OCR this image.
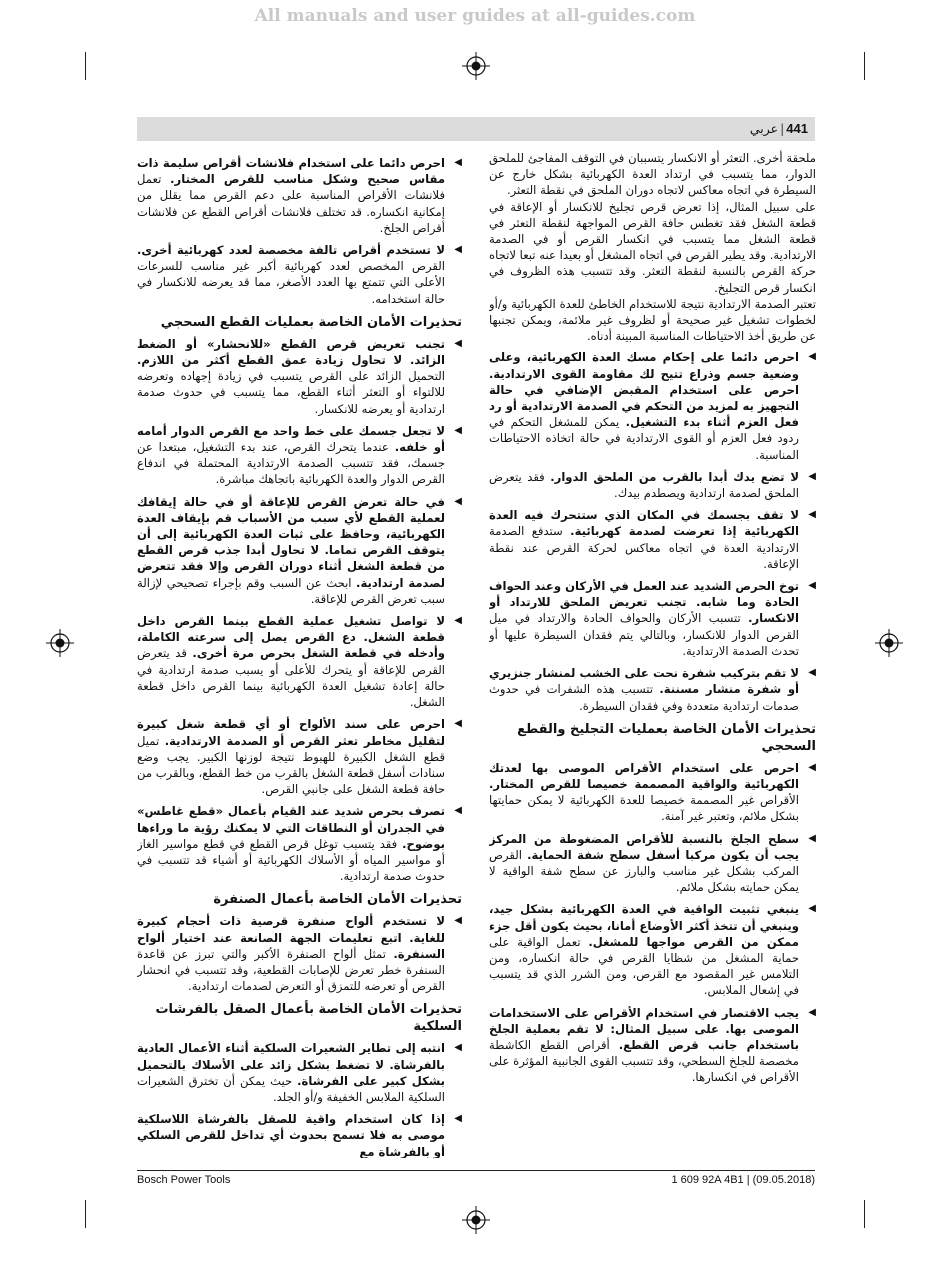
All manuals and user guides at all-guides.com
441|عربي

ملحقة أخرى. التعثر أو الانكسار يتسببان في التوقف المفاجئ للملحق الدوار، مما يتسبب في ارتداد العدة الكهربائية بشكل خارج عن السيطرة في اتجاه معاكس لاتجاه دوران الملحق في نقطة التعثر.

على سبيل المثال، إذا تعرض قرص تجليخ للانكسار أو الإعاقة في قطعة الشغل فقد تغطس حافة القرص المواجهة لنقطة التعثر في قطعة الشغل مما يتسبب في انكسار القرص أو في الصدمة الارتدادية. وقد يطير القرص في اتجاه المشغل أو بعيدا عنه تبعا لاتجاه حركة القرص بالنسبة لنقطة التعثر. وقد تتسبب هذه الظروف في انكسار قرص التجليخ.

تعتبر الصدمة الارتدادية نتيجة للاستخدام الخاطئ للعدة الكهربائية و/أو لخطوات تشغيل غير صحيحة أو لظروف غير ملائمة، ويمكن تجنبها عن طريق أخذ الاحتياطات المناسبة المبينة أدناه.

◀
احرص دائما على إحكام مسك العدة الكهربائية، وعلى وضعية جسم وذراع تتيح لك مقاومة القوى الارتدادية. احرص على استخدام المقبض الإضافي في حالة التجهيز به لمزيد من التحكم في الصدمة الارتدادية أو رد فعل العزم أثناء بدء التشغيل. يمكن للمشغل التحكم في ردود فعل العزم أو القوى الارتدادية في حالة اتخاذه الاحتياطات المناسبة.
◀
لا تضع يدك أبدا بالقرب من الملحق الدوار. فقد يتعرض الملحق لصدمة ارتدادية ويصطدم بيدك.
◀
لا تقف بجسمك في المكان الذي ستتحرك فيه العدة الكهربائية إذا تعرضت لصدمة كهربائية. ستدفع الصدمة الارتدادية العدة في اتجاه معاكس لحركة القرص عند نقطة الإعاقة.
◀
توخ الحرص الشديد عند العمل في الأركان وعند الحواف الحادة وما شابه. تجنب تعريض الملحق للارتداد أو الانكسار. تتسبب الأركان والحواف الحادة والارتداد في ميل القرص الدوار للانكسار، وبالتالي يتم فقدان السيطرة عليها أو تحدث الصدمة الارتدادية.
◀
لا تقم بتركيب شفرة نحت على الخشب لمنشار جنزيري أو شفرة منشار مسننة. تتسبب هذه الشفرات في حدوث صدمات ارتدادية متعددة وفي فقدان السيطرة.
تحذيرات الأمان الخاصة بعمليات التجليخ والقطع السحجي
◀
احرص على استخدام الأقراص الموصى بها لعدتك الكهربائية والواقية المصممة خصيصا للقرص المختار. الأقراص غير المصممة خصيصا للعدة الكهربائية لا يمكن حمايتها بشكل ملائم، وتعتبر غير آمنة.
◀
سطح الجلخ بالنسبة للأقراص المضغوطة من المركز يجب أن يكون مركبا أسفل سطح شفة الحماية. القرص المركب بشكل غير مناسب والبارز عن سطح شفة الواقية لا يمكن حمايته بشكل ملائم.
◀
ينبغي تثبيت الواقية في العدة الكهربائية بشكل جيد، وينبغي أن تتخذ أكثر الأوضاع أمانا، بحيث يكون أقل جزء ممكن من القرص مواجها للمشغل. تعمل الواقية على حماية المشغل من شظايا القرص في حالة انكساره، ومن التلامس غير المقصود مع القرص، ومن الشرر الذي قد يتسبب في إشعال الملابس.
◀
يجب الاقتصار في استخدام الأقراص على الاستخدامات الموصى بها. على سبيل المثال: لا تقم بعملية الجلخ باستخدام جانب قرص القطع. أقراص القطع الكاشطة مخصصة للجلخ السطحي، وقد تتسبب القوى الجانبية المؤثرة على الأقراص في انكسارها.
◀
احرص دائما على استخدام فلانشات أقراص سليمة ذات مقاس صحيح وشكل مناسب للقرص المختار. تعمل فلانشات الأقراص المناسبة على دعم القرص مما يقلل من إمكانية انكساره. قد تختلف فلانشات أقراص القطع عن فلانشات أقراص الجلخ.
◀
لا تستخدم أقراص تالفة مخصصة لعدد كهربائية أخرى. القرص المخصص لعدد كهربائية أكبر غير مناسب للسرعات الأعلى التي تتمتع بها العدد الأصغر، مما قد يعرضه للانكسار في حالة استخدامه.
تحذيرات الأمان الخاصة بعمليات القطع السحجي
◀
تجنب تعريض قرص القطع «للانحشار» أو الضغط الزائد. لا تحاول زيادة عمق القطع أكثر من اللازم. التحميل الزائد على القرص يتسبب في زيادة إجهاده وتعرضه للالتواء أو التعثر أثناء القطع، مما يتسبب في حدوث صدمة ارتدادية أو يعرضه للانكسار.
◀
لا تجعل جسمك على خط واحد مع القرص الدوار أمامه أو خلفه. عندما يتحرك القرص، عند بدء التشغيل، مبتعدا عن جسمك، فقد تتسبب الصدمة الارتدادية المحتملة في اندفاع القرص الدوار والعدة الكهربائية باتجاهك مباشرة.
◀
في حالة تعرض القرص للإعاقة أو في حالة إيقافك لعملية القطع لأي سبب من الأسباب قم بإيقاف العدة الكهربائية، وحافظ على ثبات العدة الكهربائية إلى أن يتوقف القرص تماما. لا تحاول أبدا جذب قرص القطع من قطعة الشغل أثناء دوران القرص وإلا فقد تتعرض لصدمة ارتدادية. ابحث عن السبب وقم بإجراء تصحيحي لإزالة سبب تعرض القرص للإعاقة.
◀
لا تواصل تشغيل عملية القطع بينما القرص داخل قطعة الشغل. دع القرص يصل إلى سرعته الكاملة، وأدخله في قطعة الشغل بحرص مرة أخرى. قد يتعرض القرص للإعاقة أو يتحرك للأعلى أو يسبب صدمة ارتدادية في حالة إعادة تشغيل العدة الكهربائية بينما القرص داخل قطعة الشغل.
◀
احرص على سند الألواح أو أي قطعة شغل كبيرة لتقليل مخاطر تعثر القرص أو الصدمة الارتدادية. تميل قطع الشغل الكبيرة للهبوط نتيجة لوزنها الكبير. يجب وضع سنادات أسفل قطعة الشغل بالقرب من خط القطع، وبالقرب من حافة قطعة الشغل على جانبي القرص.
◀
تصرف بحرص شديد عند القيام بأعمال «قطع غاطس» في الجدران أو النطاقات التي لا يمكنك رؤية ما وراءها بوضوح. فقد يتسبب توغل قرص القطع في قطع مواسير الغاز أو مواسير المياه أو الأسلاك الكهربائية أو أشياء قد تتسبب في حدوث صدمة ارتدادية.
تحذيرات الأمان الخاصة بأعمال الصنفرة
◀
لا تستخدم ألواح صنفرة قرصية ذات أحجام كبيرة للغاية. اتبع تعليمات الجهة الصانعة عند اختيار ألواح السنفرة. تمثل ألواح الصنفرة الأكبر والتي تبرز عن قاعدة السنفرة خطر تعرض للإصابات القطعية، وقد تتسبب في انحشار القرص أو تعرضه للتمزق أو التعرض لصدمات ارتدادية.
تحذيرات الأمان الخاصة بأعمال الصقل بالفرشات السلكية
◀
انتبه إلى تطاير الشعيرات السلكية أثناء الأعمال العادية بالفرشاة. لا تضغط بشكل زائد على الأسلاك بالتحميل بشكل كبير على الفرشاة. حيث يمكن أن تخترق الشعيرات السلكية الملابس الخفيفة و/أو الجلد.
◀
إذا كان استخدام واقية للصقل بالفرشاة اللاسلكية موصى به فلا تسمح بحدوث أي تداخل للقرص السلكي أو بالفرشاة مع
Bosch Power Tools	1 609 92A 4B1 | (09.05.2018)
